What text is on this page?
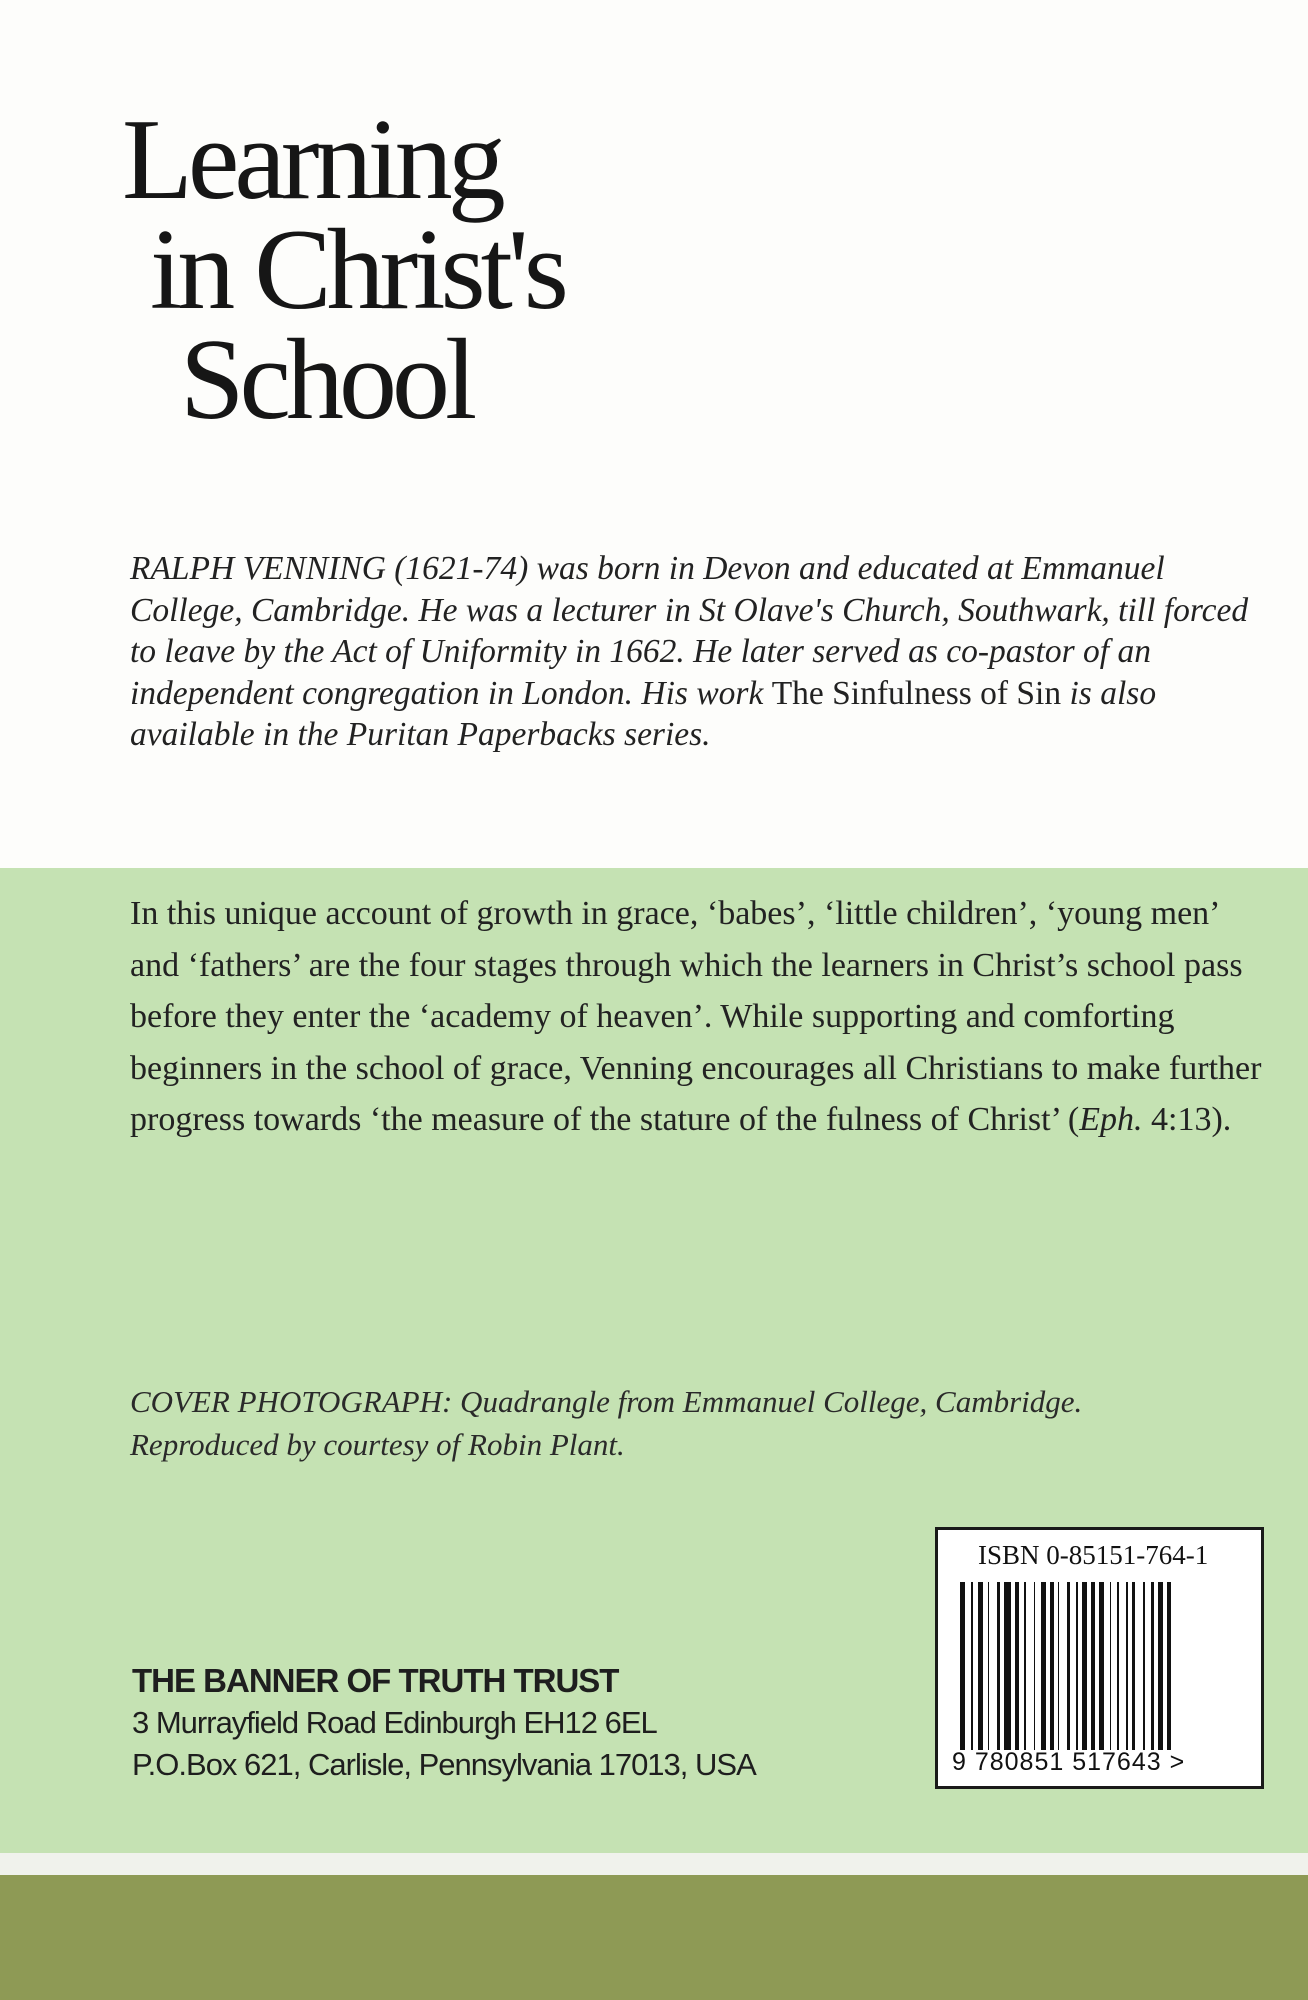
Learning
in Christ's
School

RALPH VENNING (1621-74) was born in Devon and educated at Emmanuel College, Cambridge. He was a lecturer in St Olave's Church, Southwark, till forced to leave by the Act of Uniformity in 1662. He later served as co-pastor of an independent congregation in London. His work The Sinfulness of Sin is also available in the Puritan Paperbacks series.

In this unique account of growth in grace, ‘babes’, ‘little children’, ‘young men’ and ‘fathers’ are the four stages through which the learners in Christ’s school pass before they enter the ‘academy of heaven’. While supporting and comforting beginners in the school of grace, Venning encourages all Christians to make further progress towards ‘the measure of the stature of the fulness of Christ’ (Eph. 4:13).

COVER PHOTOGRAPH: Quadrangle from Emmanuel College, Cambridge. Reproduced by courtesy of Robin Plant.

ISBN 0-85151-764-1
9 780851 517643 >
THE BANNER OF TRUTH TRUST
3 Murrayfield Road Edinburgh EH12 6EL
P.O.Box 621, Carlisle, Pennsylvania 17013, USA
